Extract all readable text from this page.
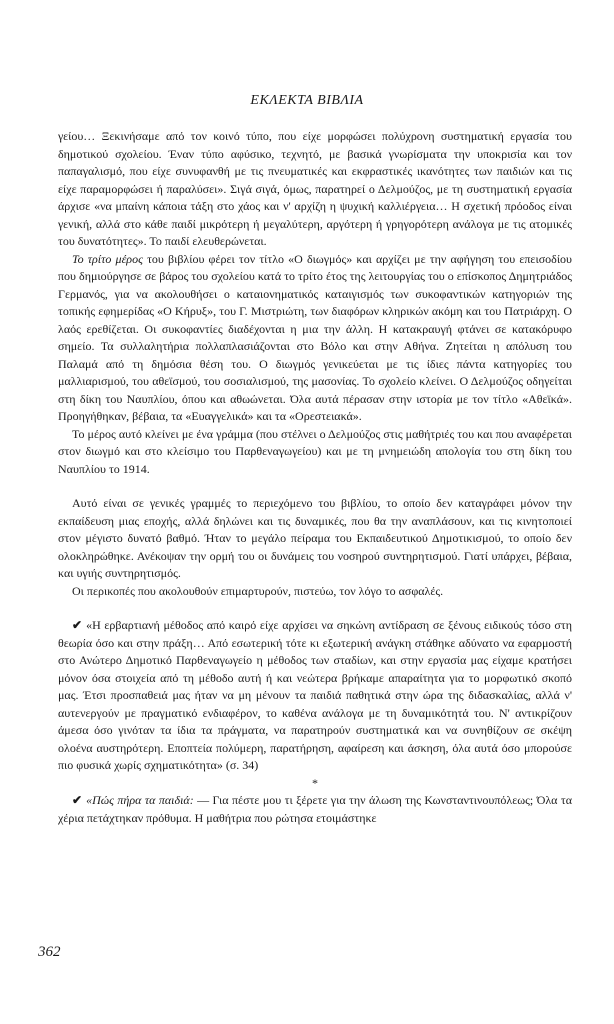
ΕΚΛΕΚΤΑ ΒΙΒΛΙΑ

γείου… Ξεκινήσαμε από τον κοινό τύπο, που είχε μορφώσει πολύχρονη συστηματική εργασία του δημοτικού σχολείου. Έναν τύπο αφύσικο, τεχνητό, με βασικά γνωρίσματα την υποκρισία και τον παπαγαλισμό, που είχε συνυφανθή με τις πνευματικές και εκφραστικές ικανότητες των παιδιών και τις είχε παραμορφώσει ή παραλύσει». Σιγά σιγά, όμως, παρατηρεί ο Δελμούζος, με τη συστηματική εργασία άρχισε «να μπαίνη κάποια τάξη στο χάος και ν' αρχίζη η ψυχική καλλιέργεια… Η σχετική πρόοδος είναι γενική, αλλά στο κάθε παιδί μικρότερη ή μεγαλύτερη, αργότερη ή γρηγορότερη ανάλογα με τις ατομικές του δυνατότητες». Το παιδί ελευθερώνεται.

Το τρίτο μέρος του βιβλίου φέρει τον τίτλο «Ο διωγμός» και αρχίζει με την αφήγηση του επεισοδίου που δημιούργησε σε βάρος του σχολείου κατά το τρίτο έτος της λειτουργίας του ο επίσκοπος Δημητριάδος Γερμανός, για να ακολουθήσει ο καταιονηματικός καταιγισμός των συκοφαντικών κατηγοριών της τοπικής εφημερίδας «Ο Κήρυξ», του Γ. Μιστριώτη, των διαφόρων κληρικών ακόμη και του Πατριάρχη. Ο λαός ερεθίζεται. Οι συκοφαντίες διαδέχονται η μια την άλλη. Η κατακραυγή φτάνει σε κατακόρυφο σημείο. Τα συλλαλητήρια πολλαπλασιάζονται στο Βόλο και στην Αθήνα. Ζητείται η απόλυση του Παλαμά από τη δημόσια θέση του. Ο διωγμός γενικεύεται με τις ίδιες πάντα κατηγορίες του μαλλιαρισμού, του αθεϊσμού, του σοσιαλισμού, της μασονίας. Το σχολείο κλείνει. Ο Δελμούζος οδηγείται στη δίκη του Ναυπλίου, όπου και αθωώνεται. Όλα αυτά πέρασαν στην ιστορία με τον τίτλο «Αθεϊκά». Προηγήθηκαν, βέβαια, τα «Ευαγγελικά» και τα «Ορεστειακά».

Το μέρος αυτό κλείνει με ένα γράμμα (που στέλνει ο Δελμούζος στις μαθήτριές του και που αναφέρεται στον διωγμό και στο κλείσιμο του Παρθεναγωγείου) και με τη μνημειώδη απολογία του στη δίκη του Ναυπλίου το 1914.

Αυτό είναι σε γενικές γραμμές το περιεχόμενο του βιβλίου, το οποίο δεν καταγράφει μόνον την εκπαίδευση μιας εποχής, αλλά δηλώνει και τις δυναμικές, που θα την αναπλάσουν, και τις κινητοποιεί στον μέγιστο δυνατό βαθμό. Ήταν το μεγάλο πείραμα του Εκπαιδευτικού Δημοτικισμού, το οποίο δεν ολοκληρώθηκε. Ανέκοψαν την ορμή του οι δυνάμεις του νοσηρού συντηρητισμού. Γιατί υπάρχει, βέβαια, και υγιής συντηρητισμός.

Οι περικοπές που ακολουθούν επιμαρτυρούν, πιστεύω, τον λόγο το ασφαλές.

✔ «Η ερβαρτιανή μέθοδος από καιρό είχε αρχίσει να σηκώνη αντίδραση σε ξένους ειδικούς τόσο στη θεωρία όσο και στην πράξη… Από εσωτερική τότε κι εξωτερική ανάγκη στάθηκε αδύνατο να εφαρμοστή στο Ανώτερο Δημοτικό Παρθεναγωγείο η μέθοδος των σταδίων, και στην εργασία μας είχαμε κρατήσει μόνον όσα στοιχεία από τη μέθοδο αυτή ή και νεώτερα βρήκαμε απαραίτητα για το μορφωτικό σκοπό μας. Έτσι προσπαθειά μας ήταν να μη μένουν τα παιδιά παθητικά στην ώρα της διδασκαλίας, αλλά ν' αυτενεργούν με πραγματικό ενδιαφέρον, το καθένα ανάλογα με τη δυναμικότητά του. Ν' αντικρίζουν άμεσα όσο γινόταν τα ίδια τα πράγματα, να παρατηρούν συστηματικά και να συνηθίζουν σε σκέψη ολοένα αυστηρότερη. Εποπτεία πολύμερη, παρατήρηση, αφαίρεση και άσκηση, όλα αυτά όσο μπορούσε πιο φυσικά χωρίς σχηματικότητα» (σ. 34)

*

✔ «Πώς πήρα τα παιδιά: — Για πέστε μου τι ξέρετε για την άλωση της Κωνσταντινουπόλεως; Όλα τα χέρια πετάχτηκαν πρόθυμα. Η μαθήτρια που ρώτησα ετοιμάστηκε

362
